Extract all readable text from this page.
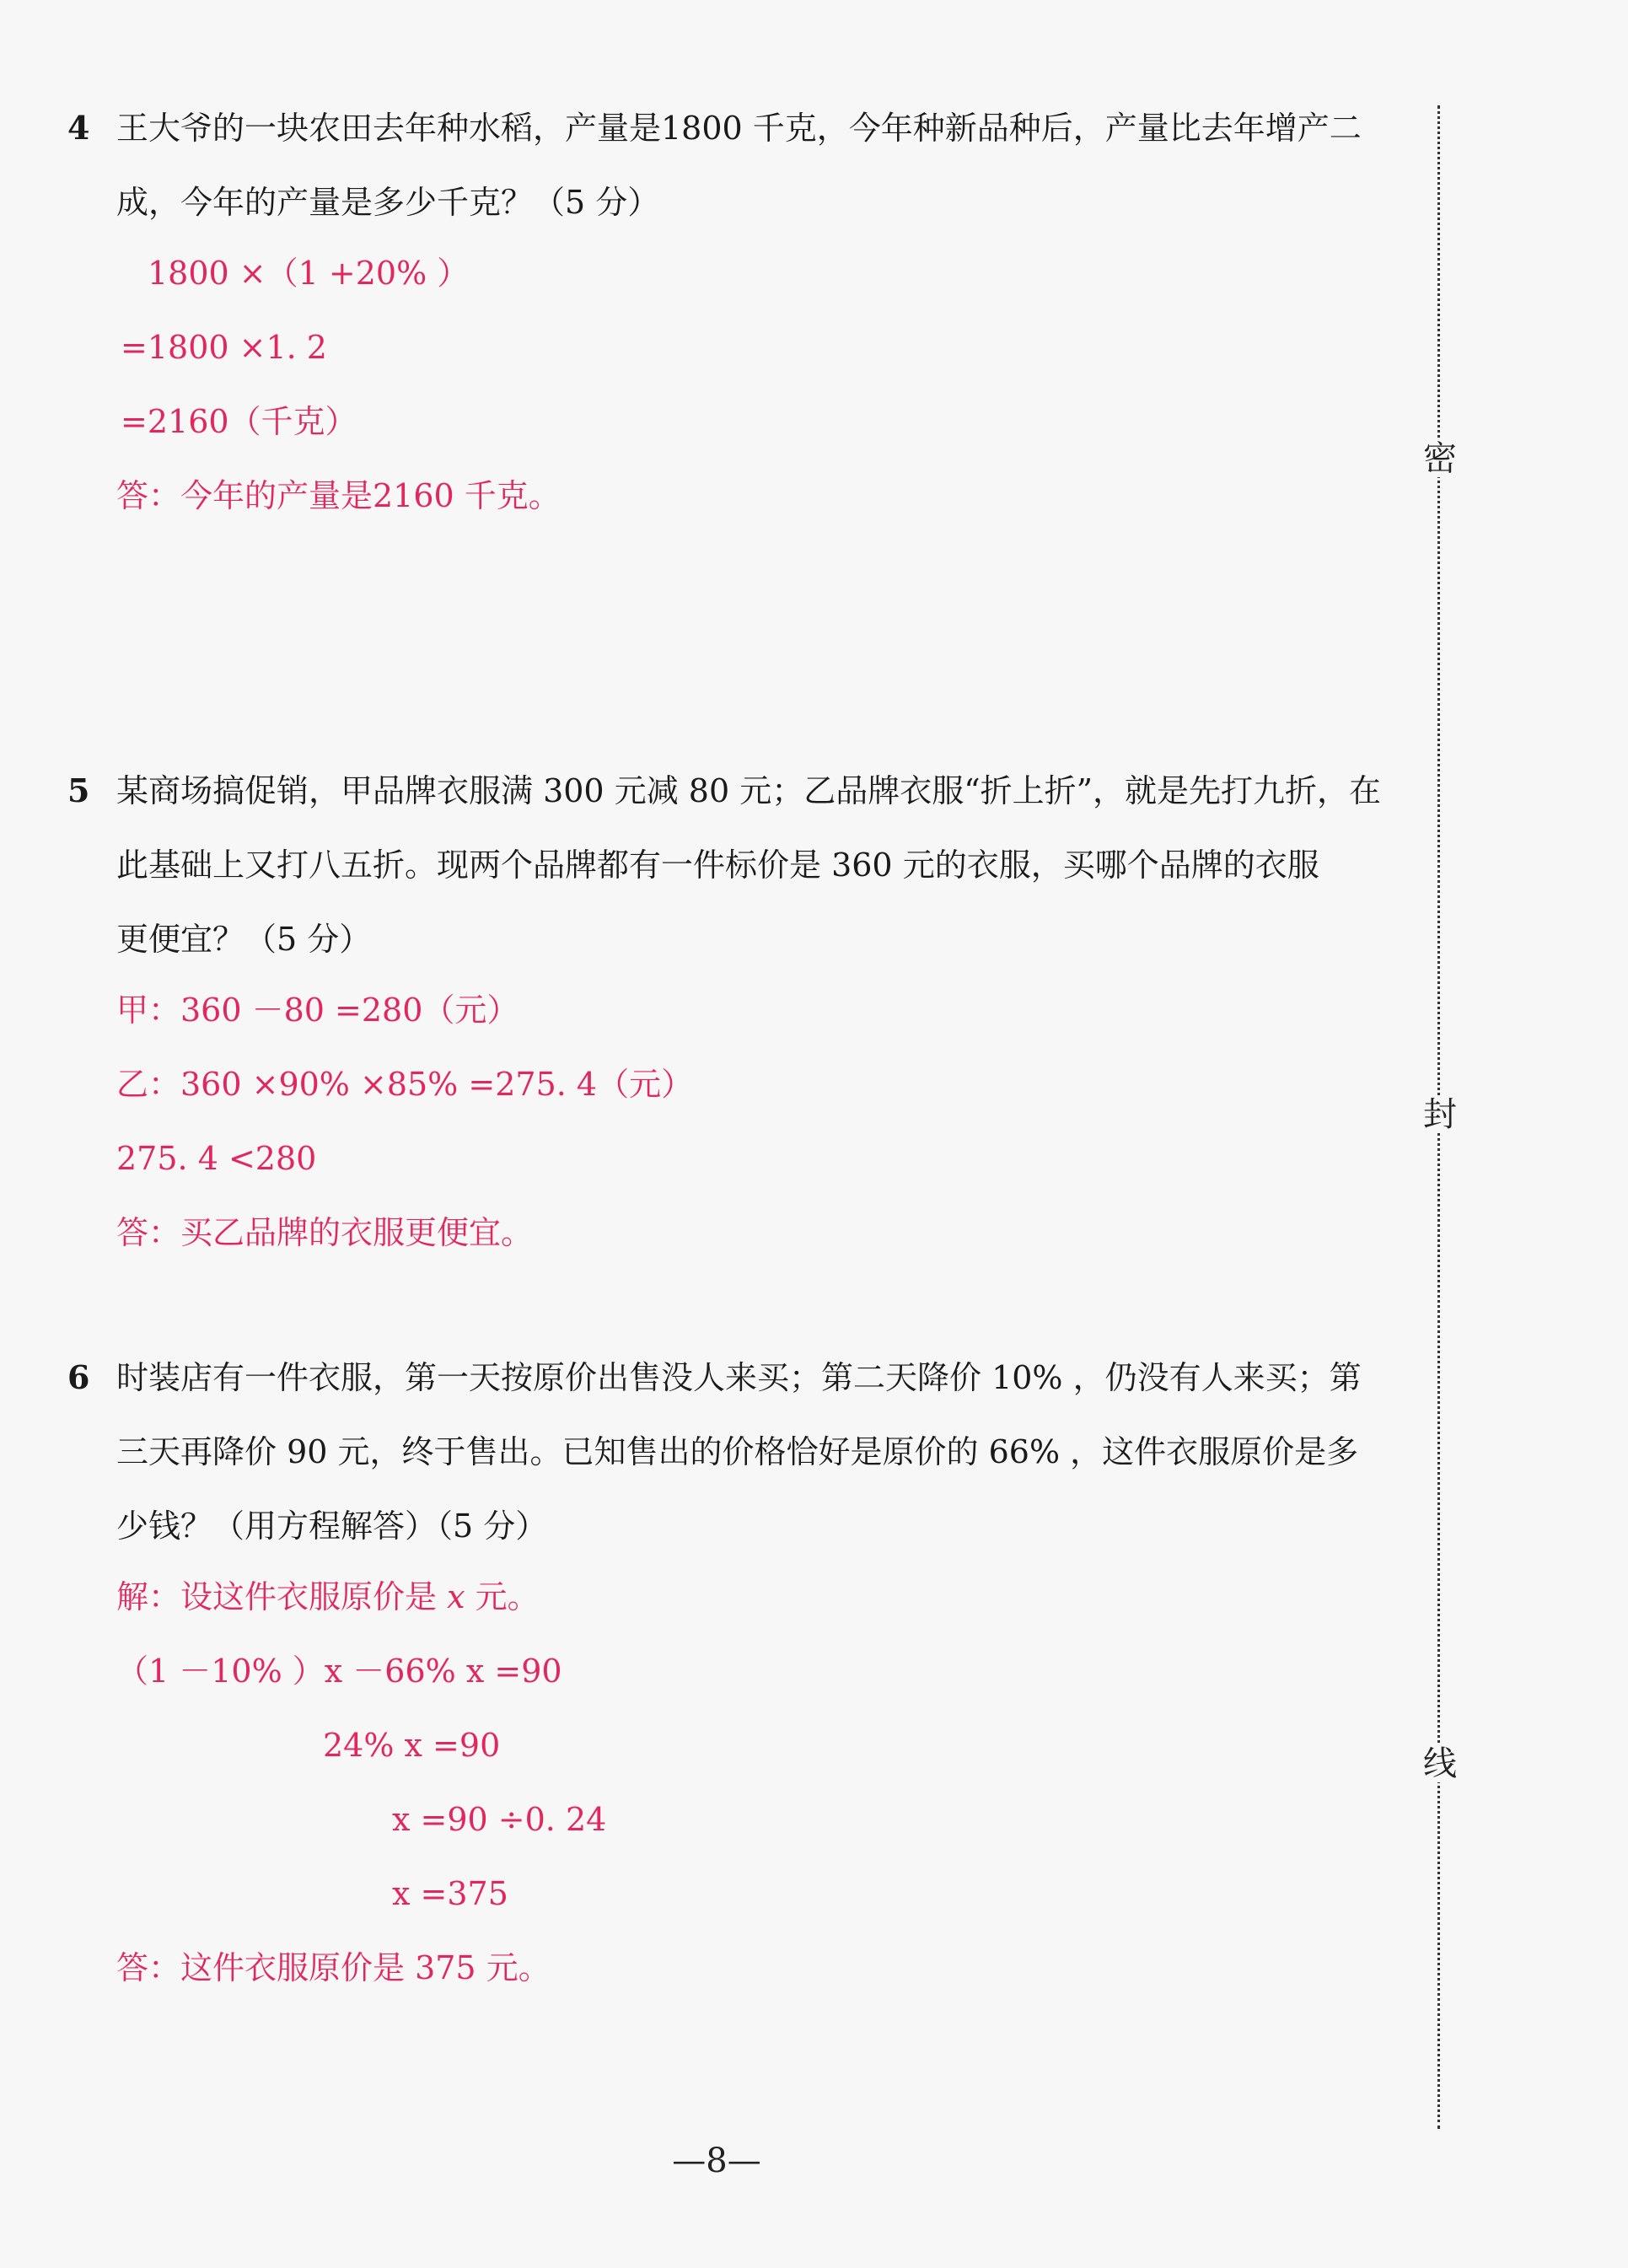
4 王大爷的一块农田去年种水稻，产量是1800 千克，今年种新品种后，产量比去年增产二

成，今年的产量是多少千克？（5 分）

1800 ×（1 +20% ）
=1800 ×1. 2
=2160（千克）
答：今年的产量是2160 千克。

5 某商场搞促销，甲品牌衣服满 300 元减 80 元；乙品牌衣服“折上折”，就是先打九折，在

此基础上又打八五折。现两个品牌都有一件标价是 360 元的衣服，买哪个品牌的衣服

更便宜？（5 分）

甲：360 －80 =280（元）
乙：360 ×90% ×85% =275. 4（元）
275. 4 <280
答：买乙品牌的衣服更便宜。

6 时装店有一件衣服，第一天按原价出售没人来买；第二天降价 10% ，仍没有人来买；第

三天再降价 90 元，终于售出。已知售出的价格恰好是原价的 66% ，这件衣服原价是多

少钱？（用方程解答）（5 分）

解：设这件衣服原价是 x 元。
（1 －10% ）x －66% x =90
24% x =90
x =90 ÷0. 24
x =375
答：这件衣服原价是 375 元。
密
封
线
—8—
